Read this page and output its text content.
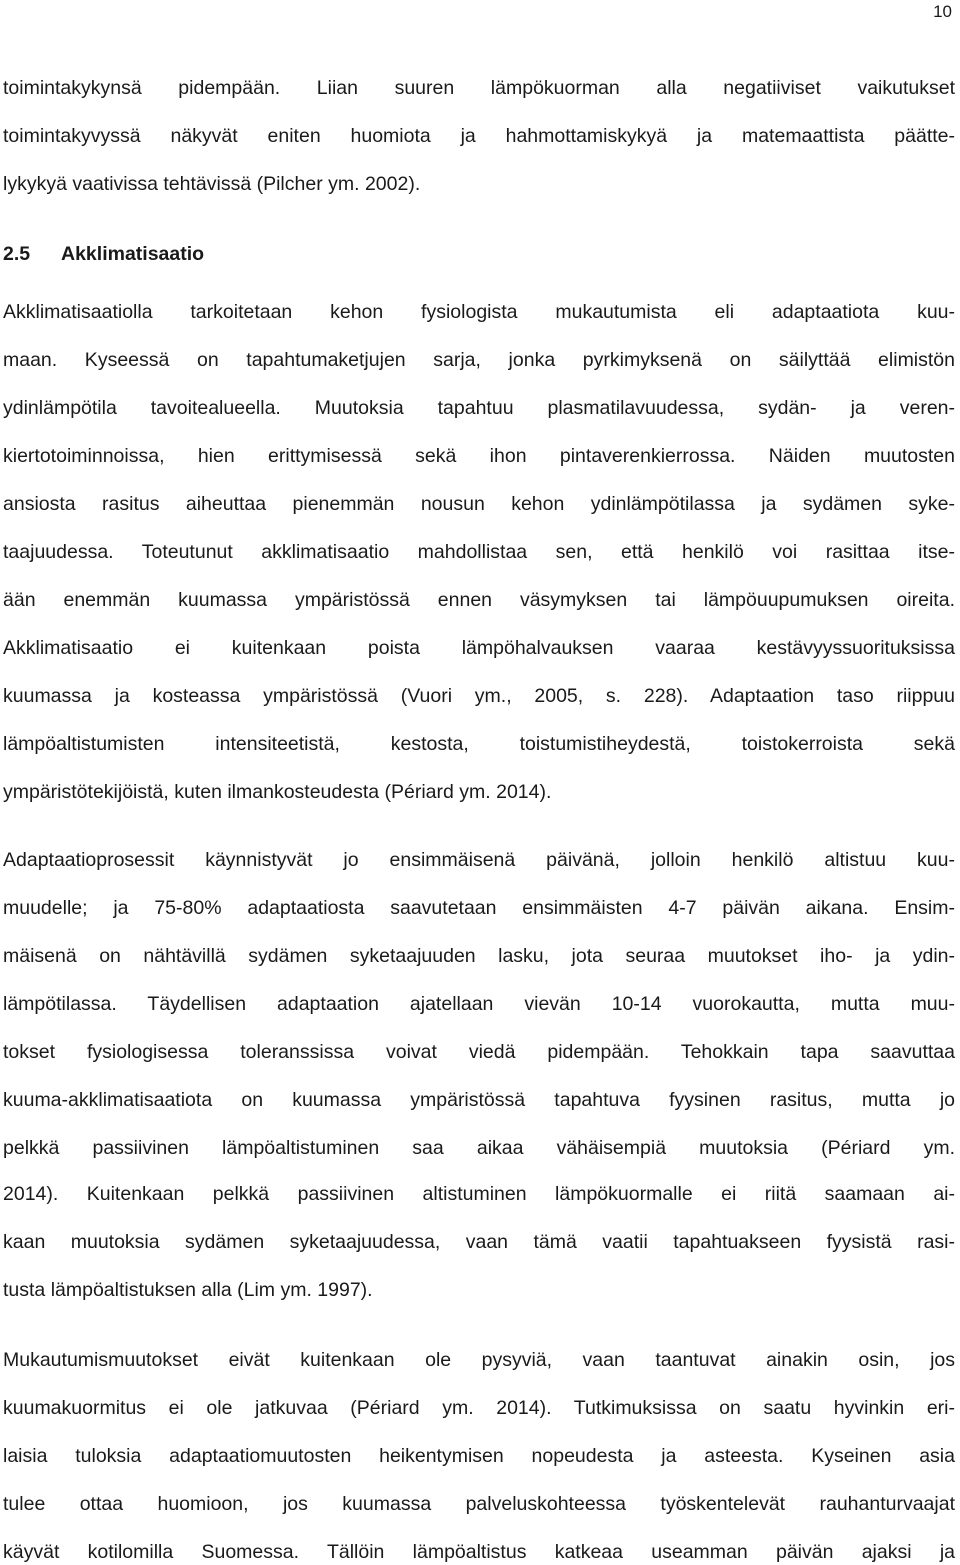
10
toimintakykynsä pidempään. Liian suuren lämpökuorman alla negatiiviset vaikutukset
toimintakyvyssä näkyvät eniten huomiota ja hahmottamiskykyä ja matemaattista päätte-
lykykyä vaativissa tehtävissä (Pilcher ym. 2002).
2.5 Akklimatisaatio
Akklimatisaatiolla tarkoitetaan kehon fysiologista mukautumista eli adaptaatiota kuu-
maan. Kyseessä on tapahtumaketjujen sarja, jonka pyrkimyksenä on säilyttää elimistön
ydinlämpötila tavoitealueella. Muutoksia tapahtuu plasmatilavuudessa, sydän- ja veren-
kiertotoiminnoissa, hien erittymisessä sekä ihon pintaverenkierrossa. Näiden muutosten
ansiosta rasitus aiheuttaa pienemmän nousun kehon ydinlämpötilassa ja sydämen syke-
taajuudessa. Toteutunut akklimatisaatio mahdollistaa sen, että henkilö voi rasittaa itse-
ään enemmän kuumassa ympäristössä ennen väsymyksen tai lämpöuupumuksen oireita.
Akklimatisaatio ei kuitenkaan poista lämpöhalvauksen vaaraa kestävyyssuorituksissa
kuumassa ja kosteassa ympäristössä (Vuori ym., 2005, s. 228). Adaptaation taso riippuu
lämpöaltistumisten intensiteetistä, kestosta, toistumistiheydestä, toistokerroista sekä
ympäristötekijöistä, kuten ilmankosteudesta (Périard ym. 2014).
Adaptaatioprosessit käynnistyvät jo ensimmäisenä päivänä, jolloin henkilö altistuu kuu-
muudelle; ja 75-80% adaptaatiosta saavutetaan ensimmäisten 4-7 päivän aikana. Ensim-
mäisenä on nähtävillä sydämen syketaajuuden lasku, jota seuraa muutokset iho- ja ydin-
lämpötilassa. Täydellisen adaptaation ajatellaan vievän 10-14 vuorokautta, mutta muu-
tokset fysiologisessa toleranssissa voivat viedä pidempään. Tehokkain tapa saavuttaa
kuuma-akklimatisaatiota on kuumassa ympäristössä tapahtuva fyysinen rasitus, mutta jo
pelkkä passiivinen lämpöaltistuminen saa aikaa vähäisempiä muutoksia (Périard ym.
2014). Kuitenkaan pelkkä passiivinen altistuminen lämpökuormalle ei riitä saamaan ai-
kaan muutoksia sydämen syketaajuudessa, vaan tämä vaatii tapahtuakseen fyysistä rasi-
tusta lämpöaltistuksen alla (Lim ym. 1997).
Mukautumismuutokset eivät kuitenkaan ole pysyviä, vaan taantuvat ainakin osin, jos
kuumakuormitus ei ole jatkuvaa (Périard ym. 2014). Tutkimuksissa on saatu hyvinkin eri-
laisia tuloksia adaptaatiomuutosten heikentymisen nopeudesta ja asteesta. Kyseinen asia
tulee ottaa huomioon, jos kuumassa palveluskohteessa työskentelevät rauhanturvaajat
käyvät kotilomilla Suomessa. Tällöin lämpöaltistus katkeaa useamman päivän ajaksi ja
